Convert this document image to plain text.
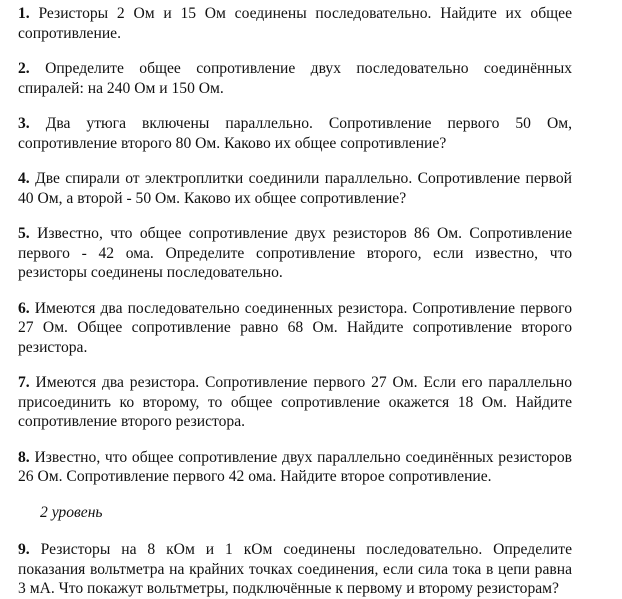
1. Резисторы 2 Ом и 15 Ом соединены последовательно. Найдите их общее сопротивление.

2. Определите общее сопротивление двух последовательно соединённых спиралей: на 240 Ом и 150 Ом.

3. Два утюга включены параллельно. Сопротивление первого 50 Ом, сопротивление второго 80 Ом. Каково их общее сопротивление?

4. Две спирали от электроплитки соединили параллельно. Сопротивление первой 40 Ом, а второй - 50 Ом. Каково их общее сопротивление?

5. Известно, что общее сопротивление двух резисторов 86 Ом. Сопротивление первого - 42 ома. Определите сопротивление второго, если известно, что резисторы соединены последовательно.

6. Имеются два последовательно соединенных резистора. Сопротивление первого 27 Ом. Общее сопротивление равно 68 Ом. Найдите сопротивление второго резистора.

7. Имеются два резистора. Сопротивление первого 27 Ом. Если его параллельно присоединить ко второму, то общее сопротивление окажется 18 Ом. Найдите сопротивление второго резистора.

8. Известно, что общее сопротивление двух параллельно соединённых резисторов 26 Ом. Сопротивление первого 42 ома. Найдите второе сопротивление.

2 уровень

9. Резисторы на 8 кОм и 1 кОм соединены последовательно. Определите показания вольтметра на крайних точках соединения, если сила тока в цепи равна 3 мА. Что покажут вольтметры, подключённые к первому и второму резисторам?
